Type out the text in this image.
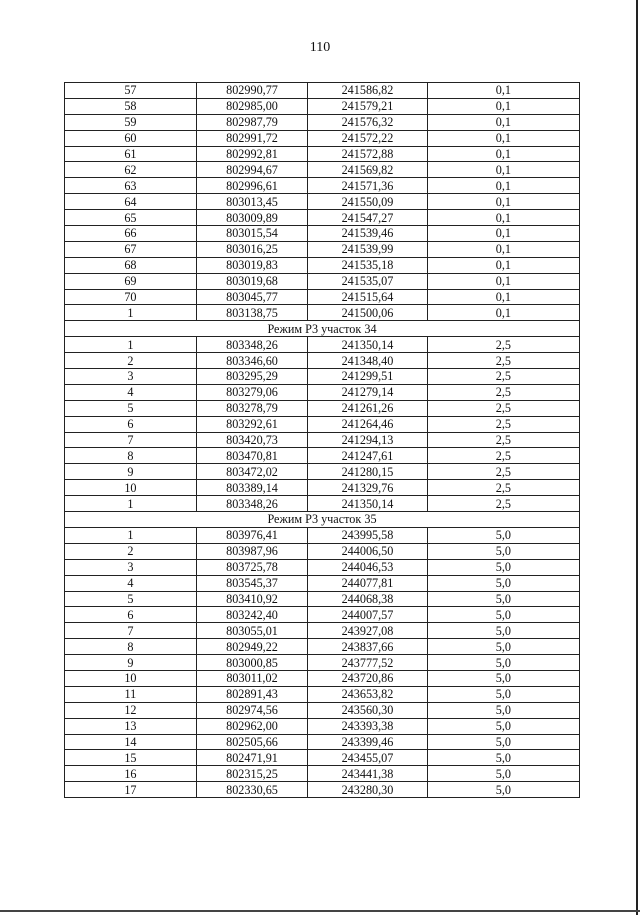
110
57	802990,77	241586,82	0,1
58	802985,00	241579,21	0,1
59	802987,79	241576,32	0,1
60	802991,72	241572,22	0,1
61	802992,81	241572,88	0,1
62	802994,67	241569,82	0,1
63	802996,61	241571,36	0,1
64	803013,45	241550,09	0,1
65	803009,89	241547,27	0,1
66	803015,54	241539,46	0,1
67	803016,25	241539,99	0,1
68	803019,83	241535,18	0,1
69	803019,68	241535,07	0,1
70	803045,77	241515,64	0,1
1	803138,75	241500,06	0,1
Режим Р3 участок 34			
1	803348,26	241350,14	2,5
2	803346,60	241348,40	2,5
3	803295,29	241299,51	2,5
4	803279,06	241279,14	2,5
5	803278,79	241261,26	2,5
6	803292,61	241264,46	2,5
7	803420,73	241294,13	2,5
8	803470,81	241247,61	2,5
9	803472,02	241280,15	2,5
10	803389,14	241329,76	2,5
1	803348,26	241350,14	2,5
Режим Р3 участок 35			
1	803976,41	243995,58	5,0
2	803987,96	244006,50	5,0
3	803725,78	244046,53	5,0
4	803545,37	244077,81	5,0
5	803410,92	244068,38	5,0
6	803242,40	244007,57	5,0
7	803055,01	243927,08	5,0
8	802949,22	243837,66	5,0
9	803000,85	243777,52	5,0
10	803011,02	243720,86	5,0
11	802891,43	243653,82	5,0
12	802974,56	243560,30	5,0
13	802962,00	243393,38	5,0
14	802505,66	243399,46	5,0
15	802471,91	243455,07	5,0
16	802315,25	243441,38	5,0
17	802330,65	243280,30	5,0
